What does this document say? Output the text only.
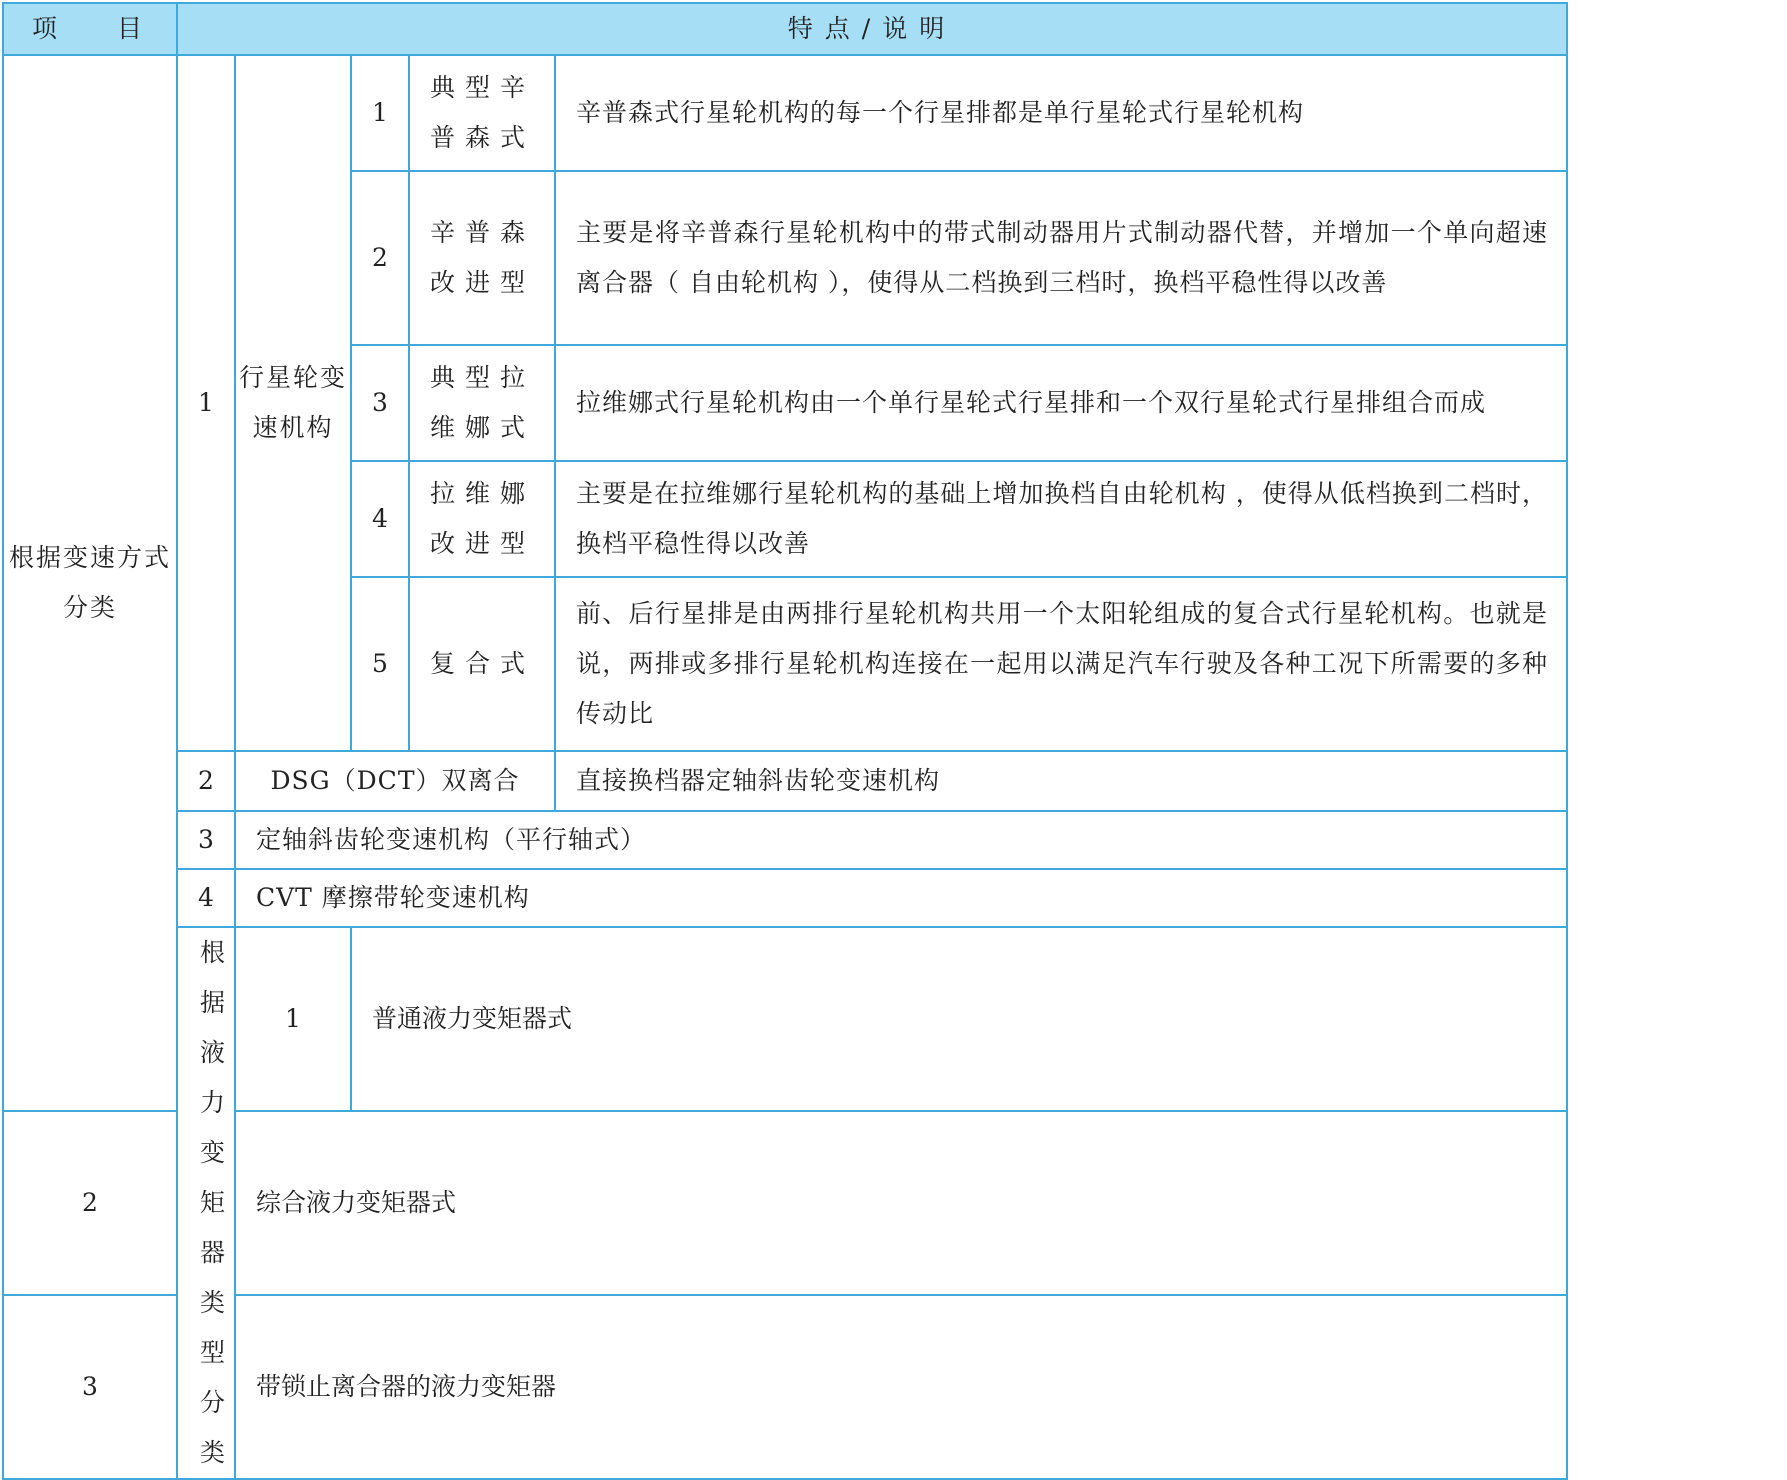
项 目	特点/说明				
根据变速方式分类	1	行星轮变速机构	1	典型辛普森式	辛普森式行星轮机构的每一个行星排都是单行星轮式行星轮机构
			2	辛普森改进型	主要是将辛普森行星轮机构中的带式制动器用片式制动器代替，并增加一个单向超速离合器（ 自由轮机构 ），使得从二档换到三档时，换档平稳性得以改善
			3	典型拉维娜式	拉维娜式行星轮机构由一个单行星轮式行星排和一个双行星轮式行星排组合而成
			4	拉维娜改进型	主要是在拉维娜行星轮机构的基础上增加换档自由轮机构 ，使得从低档换到二档时，换档平稳性得以改善
			5	复合式	前、后行星排是由两排行星轮机构共用一个太阳轮组成的复合式行星轮机构。也就是说，两排或多排行星轮机构连接在一起用以满足汽车行驶及各种工况下所需要的多种传动比
	2	DSG（DCT）双离合			直接换档器定轴斜齿轮变速机构
	3	定轴斜齿轮变速机构（平行轴式）			
	4	CVT 摩擦带轮变速机构			
	根据液力变矩器类型分类	1	普通液力变矩器式		
2		综合液力变矩器式			
3		带锁止离合器的液力变矩器			
